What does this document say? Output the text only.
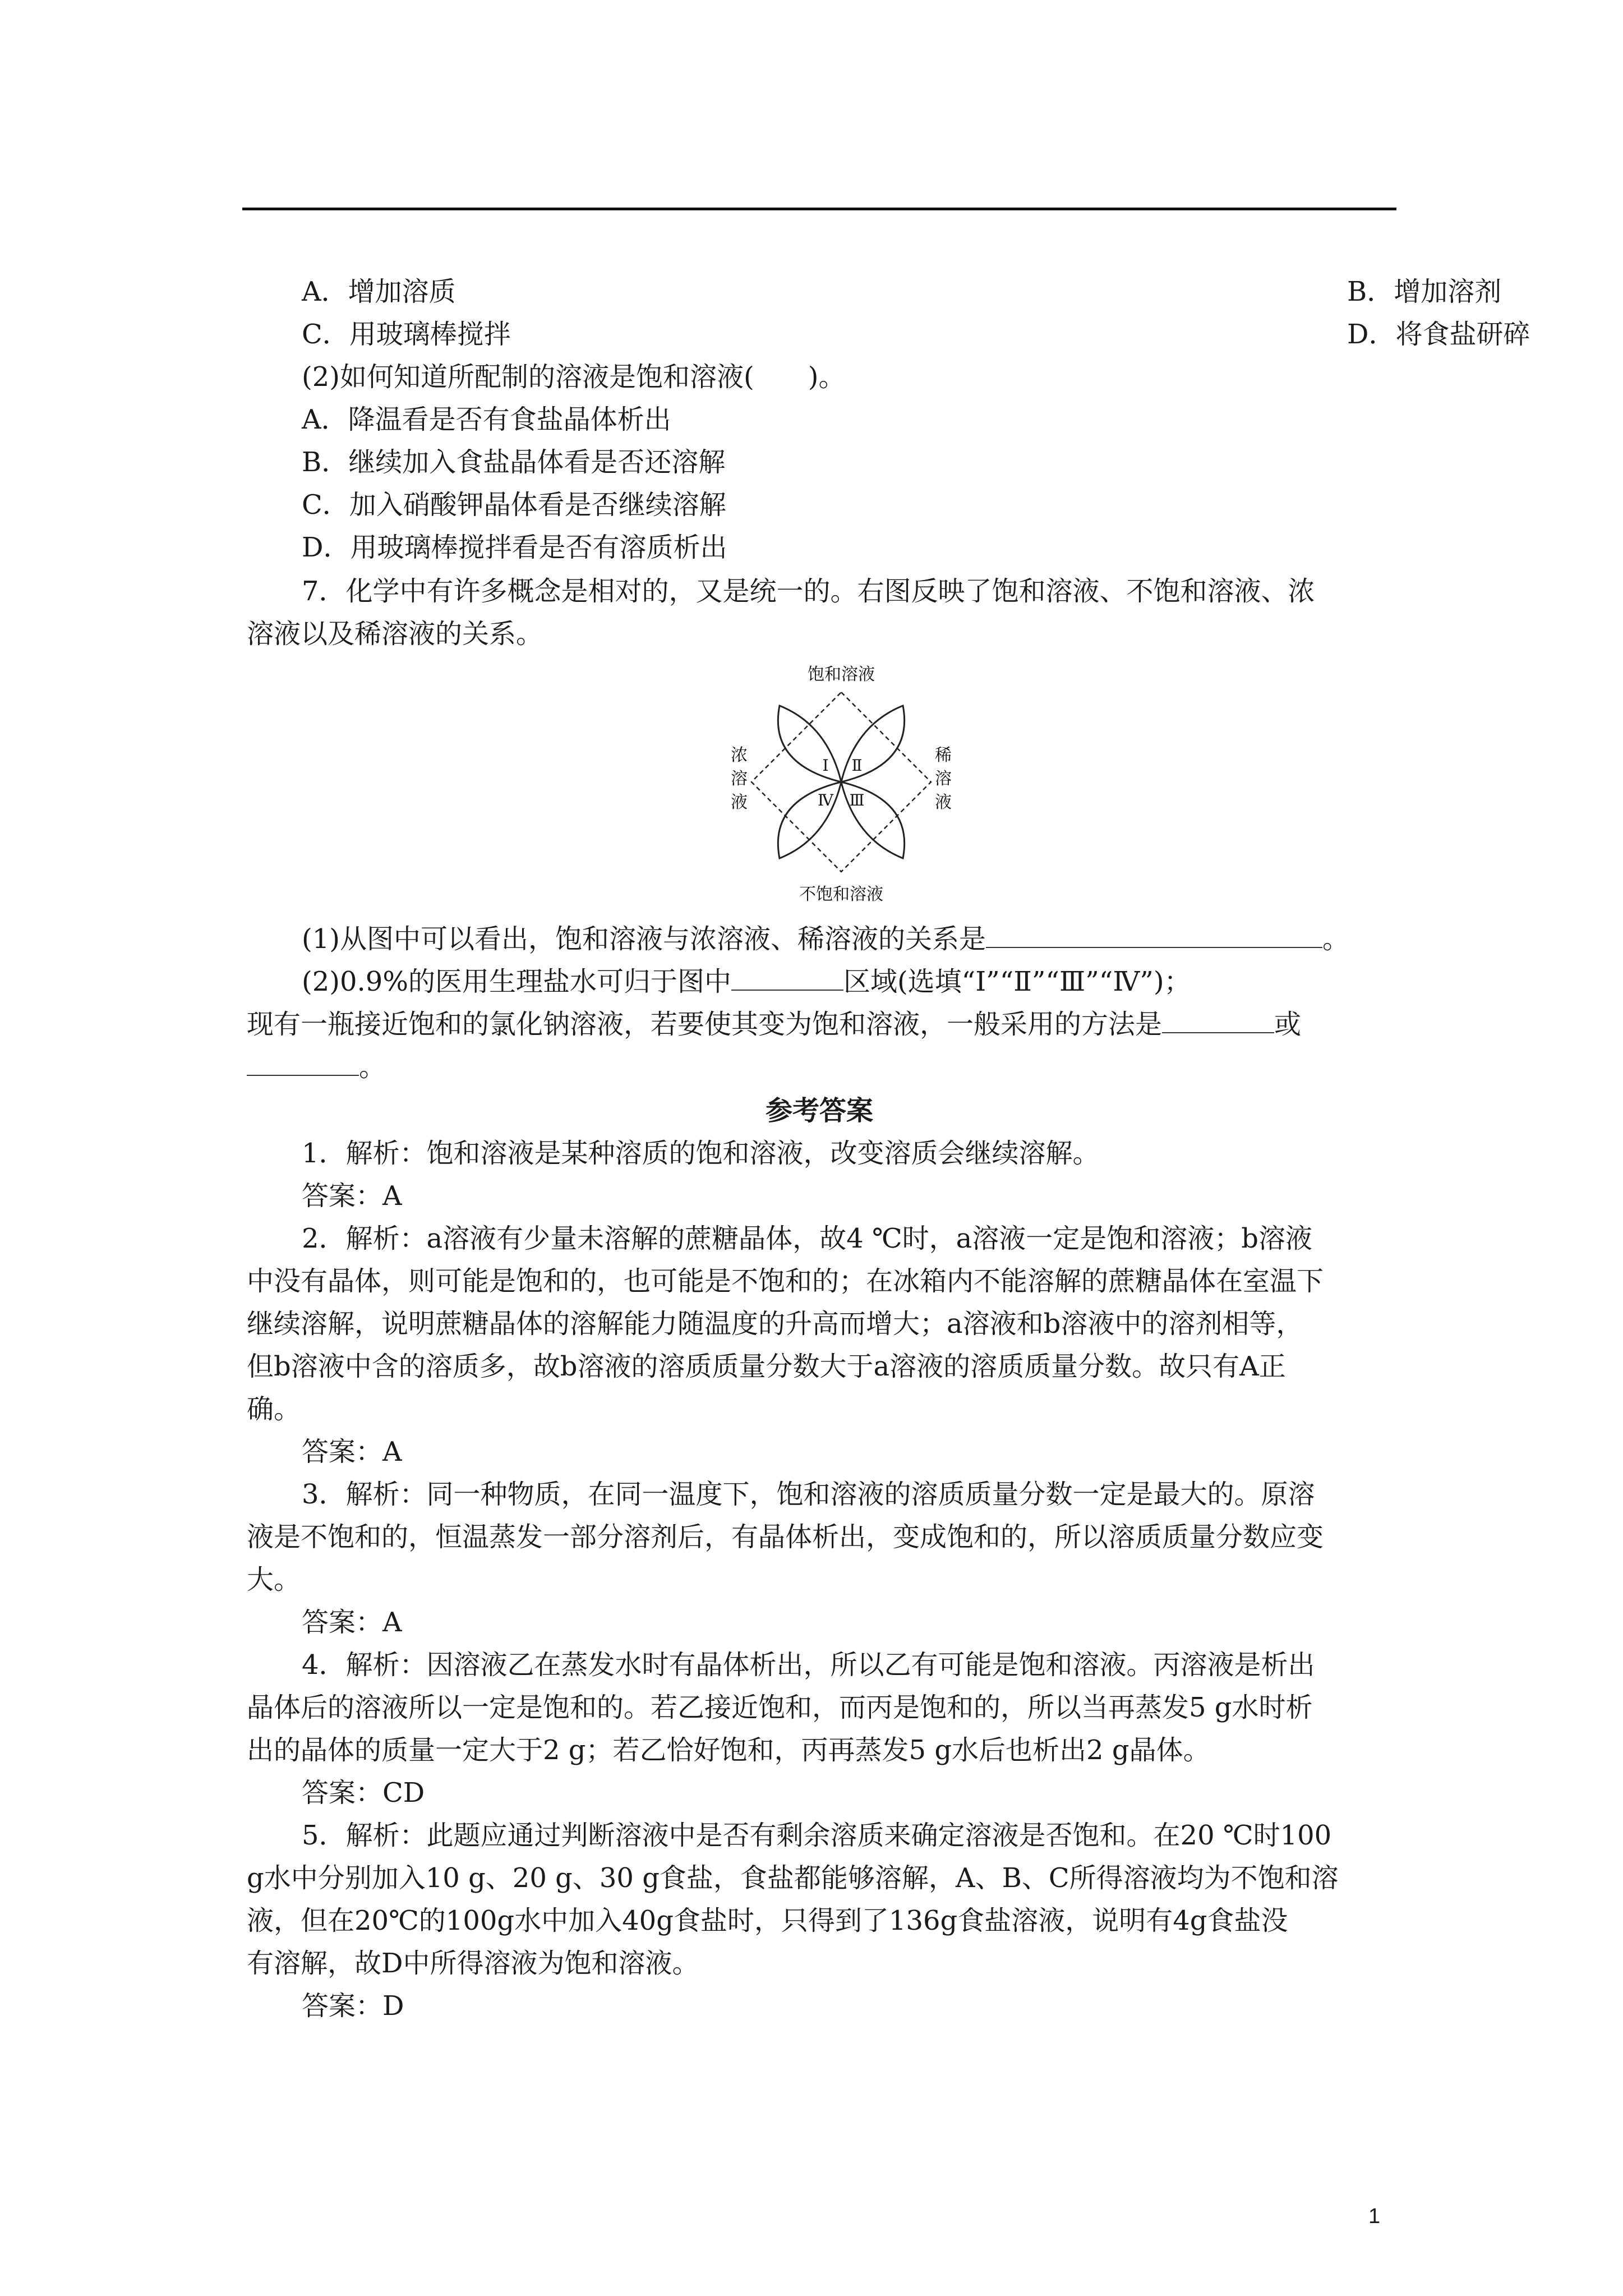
A．增加溶质	B．增加溶剂
C．用玻璃棒搅拌	D．将食盐研碎
(2)如何知道所配制的溶液是饱和溶液(　　)。
A．降温看是否有食盐晶体析出
B．继续加入食盐晶体看是否还溶解
C．加入硝酸钾晶体看是否继续溶解
D．用玻璃棒搅拌看是否有溶质析出
7．化学中有许多概念是相对的，又是统一的。右图反映了饱和溶液、不饱和溶液、浓
溶液以及稀溶液的关系。
饱和溶液
不饱和溶液
浓
溶
液
稀
溶
液
Ⅰ Ⅱ
Ⅲ
Ⅳ
(1)从图中可以看出，饱和溶液与浓溶液、稀溶液的关系是	。
(2)0.9%的医用生理盐水可归于图中	区域(选填“Ⅰ”“Ⅱ”“Ⅲ”“Ⅳ”)；
现有一瓶接近饱和的氯化钠溶液，若要使其变为饱和溶液，一般采用的方法是	或
。
参考答案
1．解析：饱和溶液是某种溶质的饱和溶液，改变溶质会继续溶解。
答案：A
2．解析：a溶液有少量未溶解的蔗糖晶体，故4 ℃时，a溶液一定是饱和溶液；b溶液
中没有晶体，则可能是饱和的，也可能是不饱和的；在冰箱内不能溶解的蔗糖晶体在室温下
继续溶解，说明蔗糖晶体的溶解能力随温度的升高而增大；a溶液和b溶液中的溶剂相等，
但b溶液中含的溶质多，故b溶液的溶质质量分数大于a溶液的溶质质量分数。故只有A正
确。
答案：A
3．解析：同一种物质，在同一温度下，饱和溶液的溶质质量分数一定是最大的。原溶
液是不饱和的，恒温蒸发一部分溶剂后，有晶体析出，变成饱和的，所以溶质质量分数应变
大。
答案：A
4．解析：因溶液乙在蒸发水时有晶体析出，所以乙有可能是饱和溶液。丙溶液是析出
晶体后的溶液所以一定是饱和的。若乙接近饱和，而丙是饱和的，所以当再蒸发5 g水时析
出的晶体的质量一定大于2 g；若乙恰好饱和，丙再蒸发5 g水后也析出2 g晶体。
答案：CD
5．解析：此题应通过判断溶液中是否有剩余溶质来确定溶液是否饱和。在20 ℃时100
g水中分别加入10 g、20 g、30 g食盐，食盐都能够溶解，A、B、C所得溶液均为不饱和溶
液，但在20℃的100g水中加入40g食盐时，只得到了136g食盐溶液，说明有4g食盐没
有溶解，故D中所得溶液为饱和溶液。
答案：D
1
